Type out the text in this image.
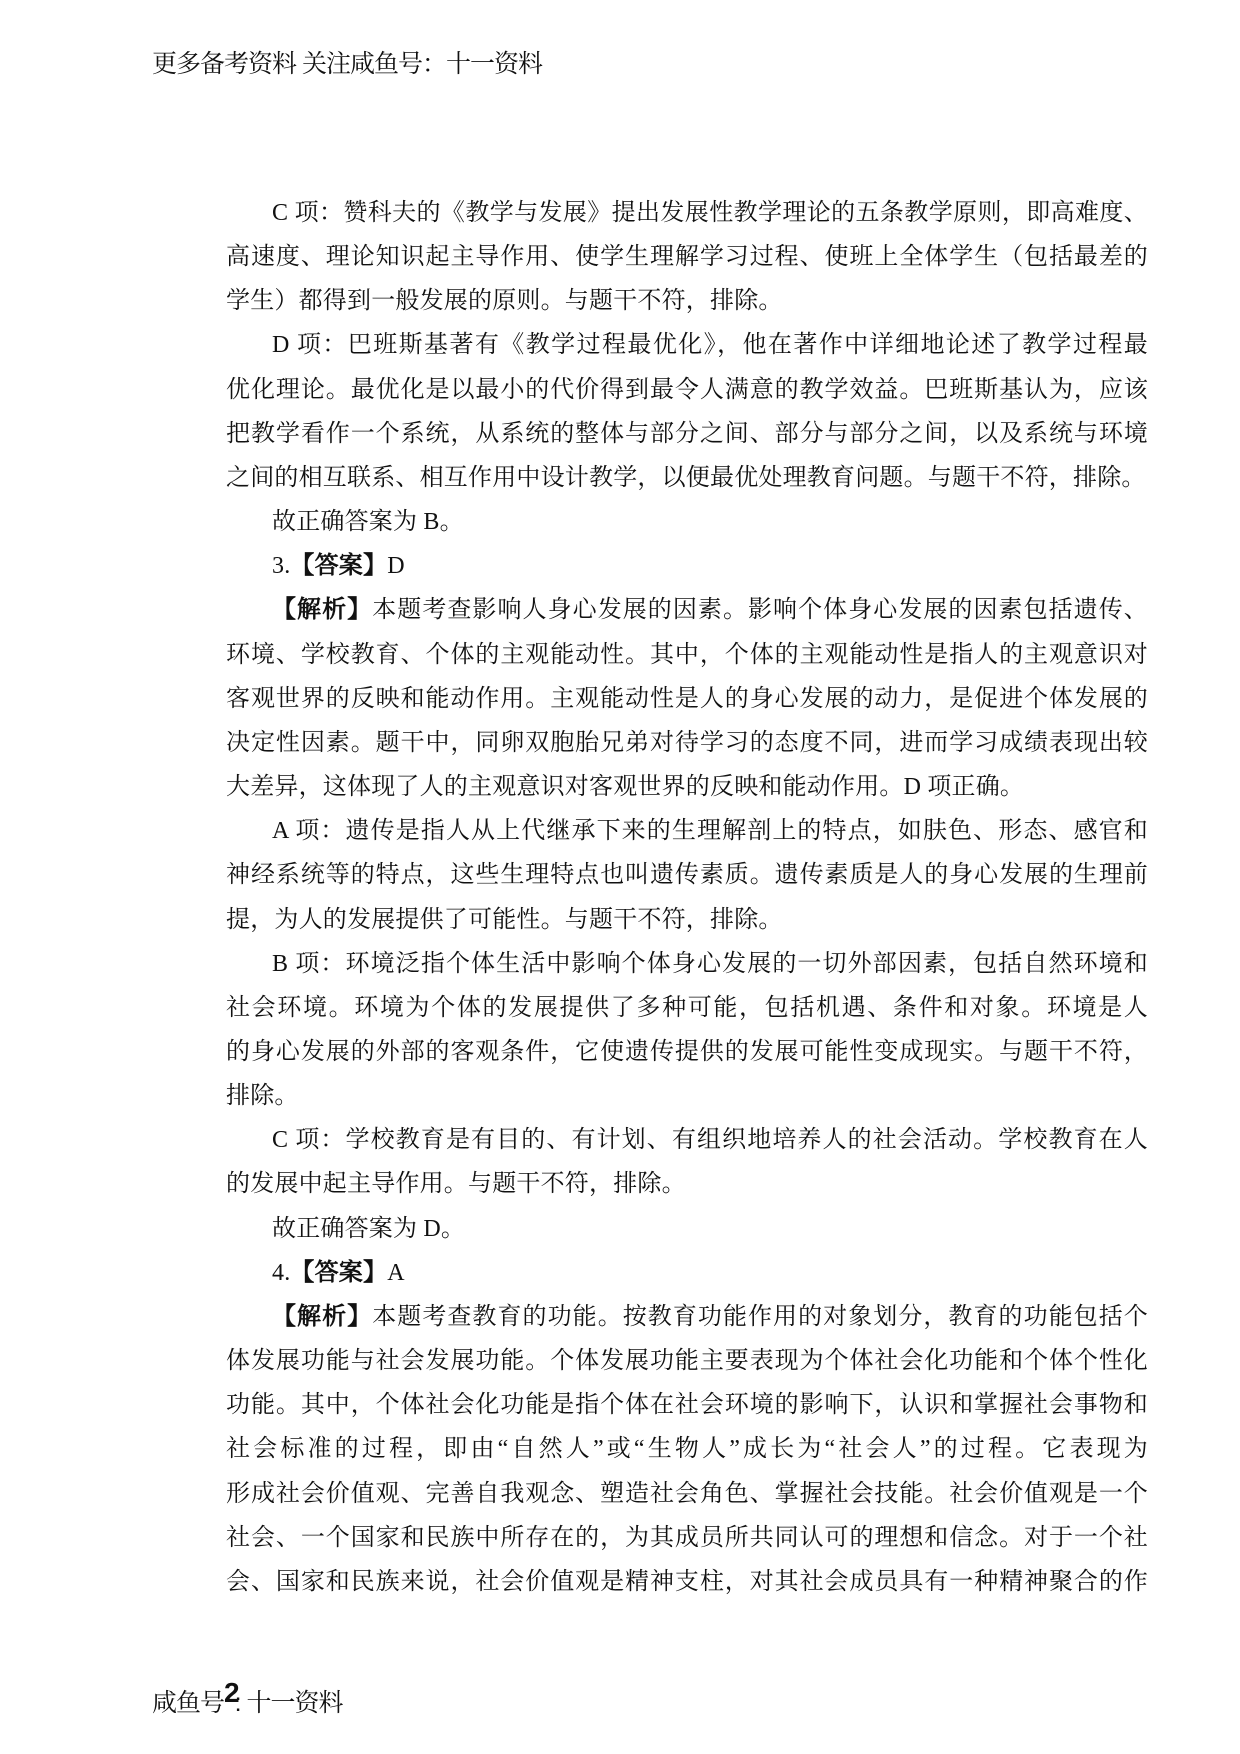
更多备考资料 关注咸鱼号：十一资料
C 项：赞科夫的《教学与发展》提出发展性教学理论的五条教学原则，即高难度、
高速度、理论知识起主导作用、使学生理解学习过程、使班上全体学生（包括最差的
学生）都得到一般发展的原则。与题干不符，排除。
D 项：巴班斯基著有《教学过程最优化》，他在著作中详细地论述了教学过程最
优化理论。最优化是以最小的代价得到最令人满意的教学效益。巴班斯基认为，应该
把教学看作一个系统，从系统的整体与部分之间、部分与部分之间，以及系统与环境
之间的相互联系、相互作用中设计教学，以便最优处理教育问题。与题干不符，排除。
故正确答案为 B。
3.【答案】D
【解析】本题考查影响人身心发展的因素。影响个体身心发展的因素包括遗传、
环境、学校教育、个体的主观能动性。其中，个体的主观能动性是指人的主观意识对
客观世界的反映和能动作用。主观能动性是人的身心发展的动力，是促进个体发展的
决定性因素。题干中，同卵双胞胎兄弟对待学习的态度不同，进而学习成绩表现出较
大差异，这体现了人的主观意识对客观世界的反映和能动作用。D 项正确。
A 项：遗传是指人从上代继承下来的生理解剖上的特点，如肤色、形态、感官和
神经系统等的特点，这些生理特点也叫遗传素质。遗传素质是人的身心发展的生理前
提，为人的发展提供了可能性。与题干不符，排除。
B 项：环境泛指个体生活中影响个体身心发展的一切外部因素，包括自然环境和
社会环境。环境为个体的发展提供了多种可能，包括机遇、条件和对象。环境是人
的身心发展的外部的客观条件，它使遗传提供的发展可能性变成现实。与题干不符，
排除。
C 项：学校教育是有目的、有计划、有组织地培养人的社会活动。学校教育在人
的发展中起主导作用。与题干不符，排除。
故正确答案为 D。
4.【答案】A
【解析】本题考查教育的功能。按教育功能作用的对象划分，教育的功能包括个
体发展功能与社会发展功能。个体发展功能主要表现为个体社会化功能和个体个性化
功能。其中，个体社会化功能是指个体在社会环境的影响下，认识和掌握社会事物和
社会标准的过程，即由“自然人”或“生物人”成长为“社会人”的过程。它表现为
形成社会价值观、完善自我观念、塑造社会角色、掌握社会技能。社会价值观是一个
社会、一个国家和民族中所存在的，为其成员所共同认可的理想和信念。对于一个社
会、国家和民族来说，社会价值观是精神支柱，对其社会成员具有一种精神聚合的作
咸鱼号2: 十一资料
